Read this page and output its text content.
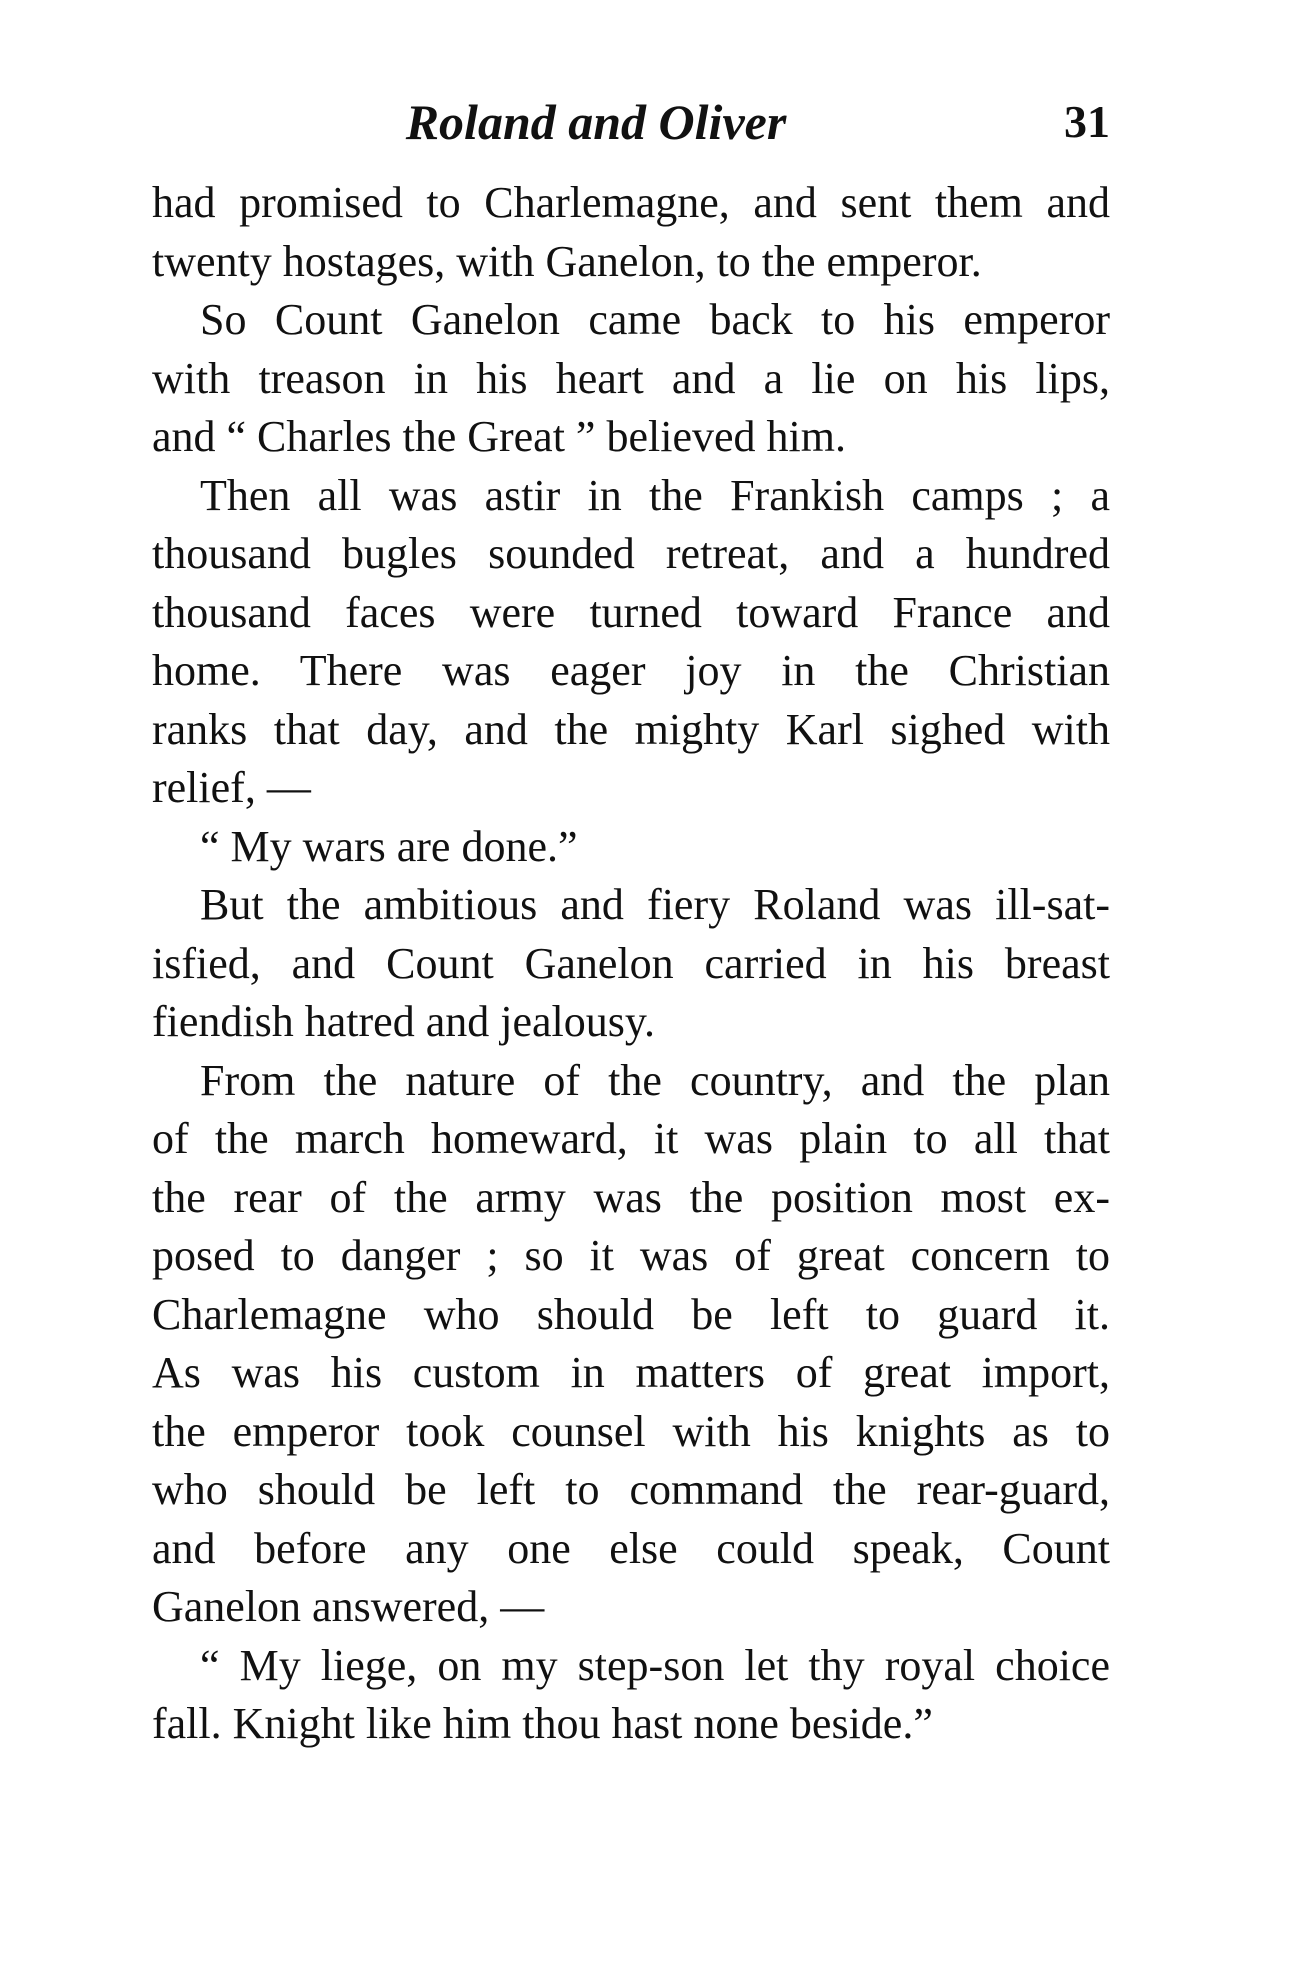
Roland and Oliver	31
had promised to Charlemagne, and sent them and
twenty hostages, with Ganelon, to the emperor.
So Count Ganelon came back to his emperor
with treason in his heart and a lie on his lips,
and “ Charles the Great ” believed him.
Then all was astir in the Frankish camps ; a
thousand bugles sounded retreat, and a hundred
thousand faces were turned toward France and
home. There was eager joy in the Christian
ranks that day, and the mighty Karl sighed with
relief, —
“ My wars are done.”
But the ambitious and fiery Roland was ill-sat-
isfied, and Count Ganelon carried in his breast
fiendish hatred and jealousy.
From the nature of the country, and the plan
of the march homeward, it was plain to all that
the rear of the army was the position most ex-
posed to danger ; so it was of great concern to
Charlemagne who should be left to guard it.
As was his custom in matters of great import,
the emperor took counsel with his knights as to
who should be left to command the rear-guard,
and before any one else could speak, Count
Ganelon answered, —
“ My liege, on my step-son let thy royal choice
fall. Knight like him thou hast none beside.”
